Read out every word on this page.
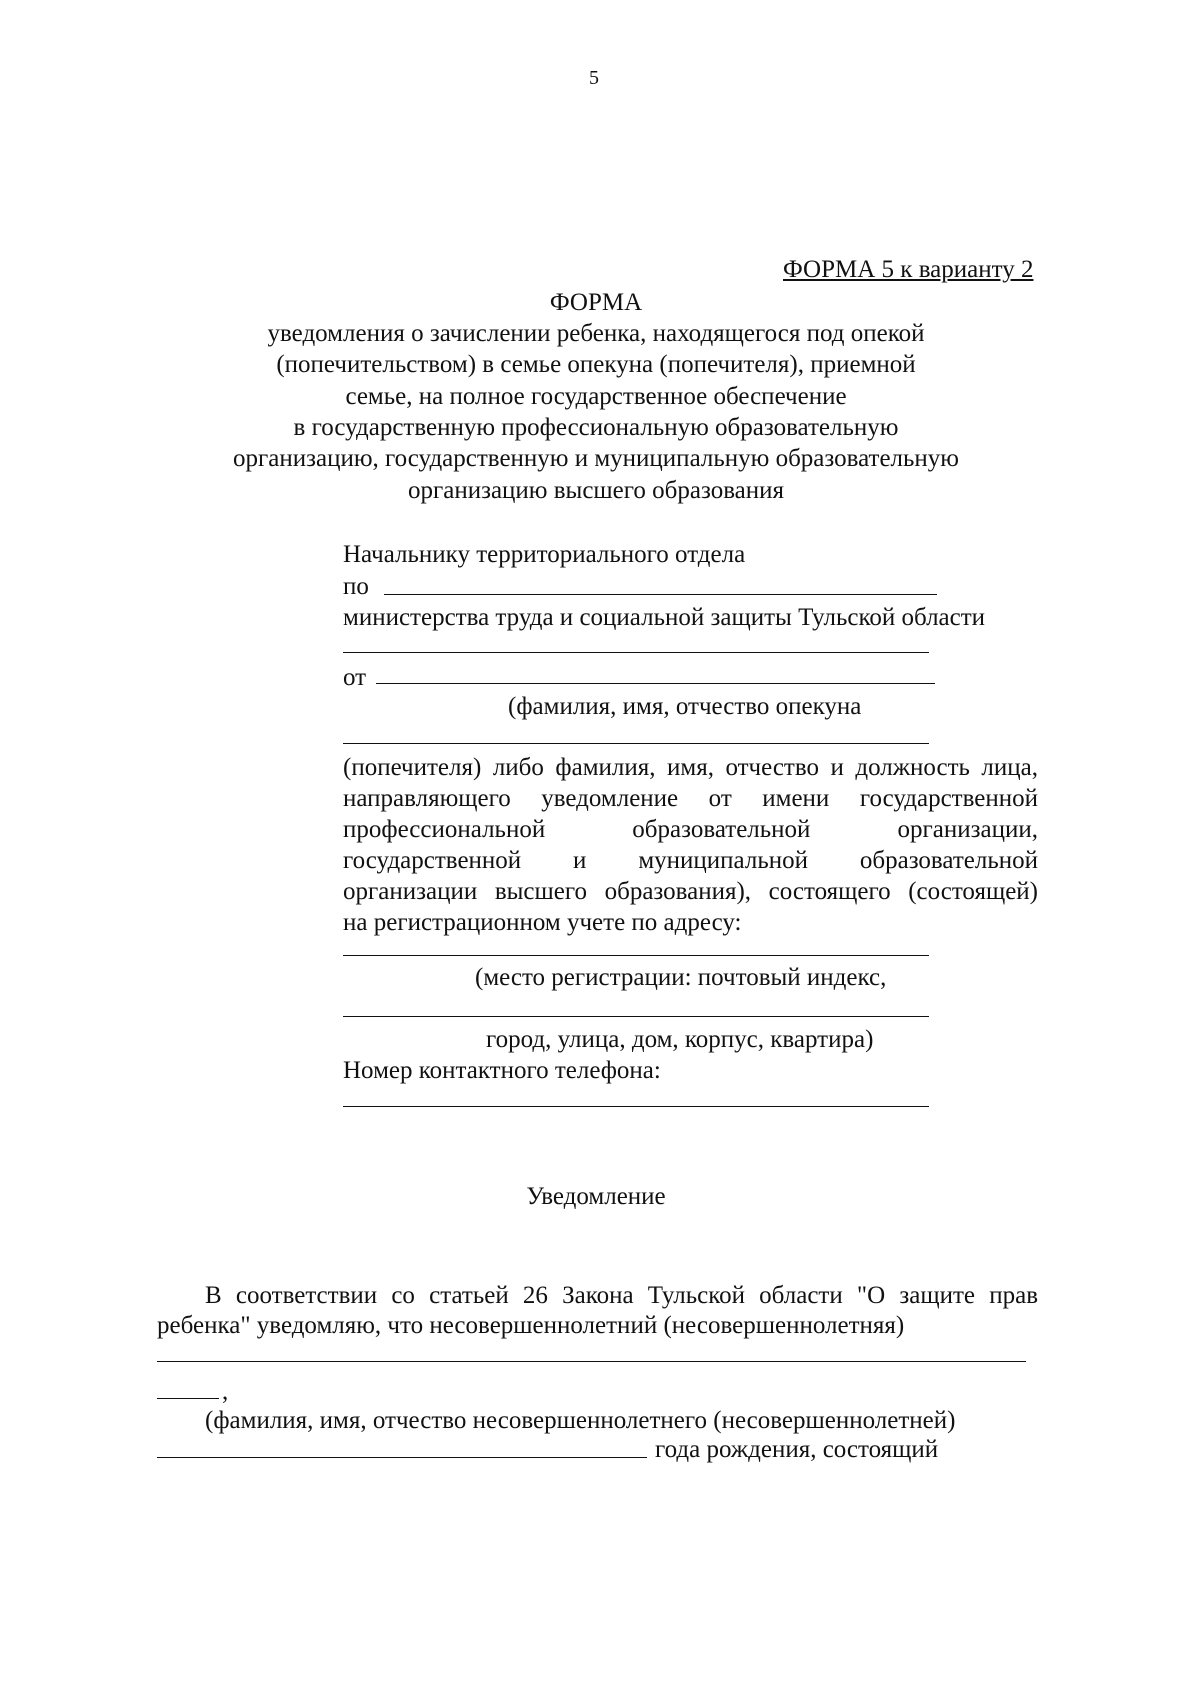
5
ФОРМА 5 к варианту 2
ФОРМА
уведомления о зачислении ребенка, находящегося под опекой
(попечительством) в семье опекуна (попечителя), приемной
семье, на полное государственное обеспечение
в государственную профессиональную образовательную
организацию, государственную и муниципальную образовательную
организацию высшего образования
Начальнику территориального отдела
по
министерства труда и социальной защиты Тульской области
от
(фамилия, имя, отчество опекуна
(попечителя) либо фамилия, имя, отчество и должность лица,
направляющего уведомление от имени государственной
профессиональной образовательной организации,
государственной и муниципальной образовательной
организации высшего образования), состоящего (состоящей)
на регистрационном учете по адресу:
(место регистрации: почтовый индекс,
город, улица, дом, корпус, квартира)
Номер контактного телефона:
Уведомление
В соответствии со статьей 26 Закона Тульской области "О защите прав
ребенка" уведомляю, что несовершеннолетний (несовершеннолетняя)
,
(фамилия, имя, отчество несовершеннолетнего (несовершеннолетней)
года рождения, состоящий
